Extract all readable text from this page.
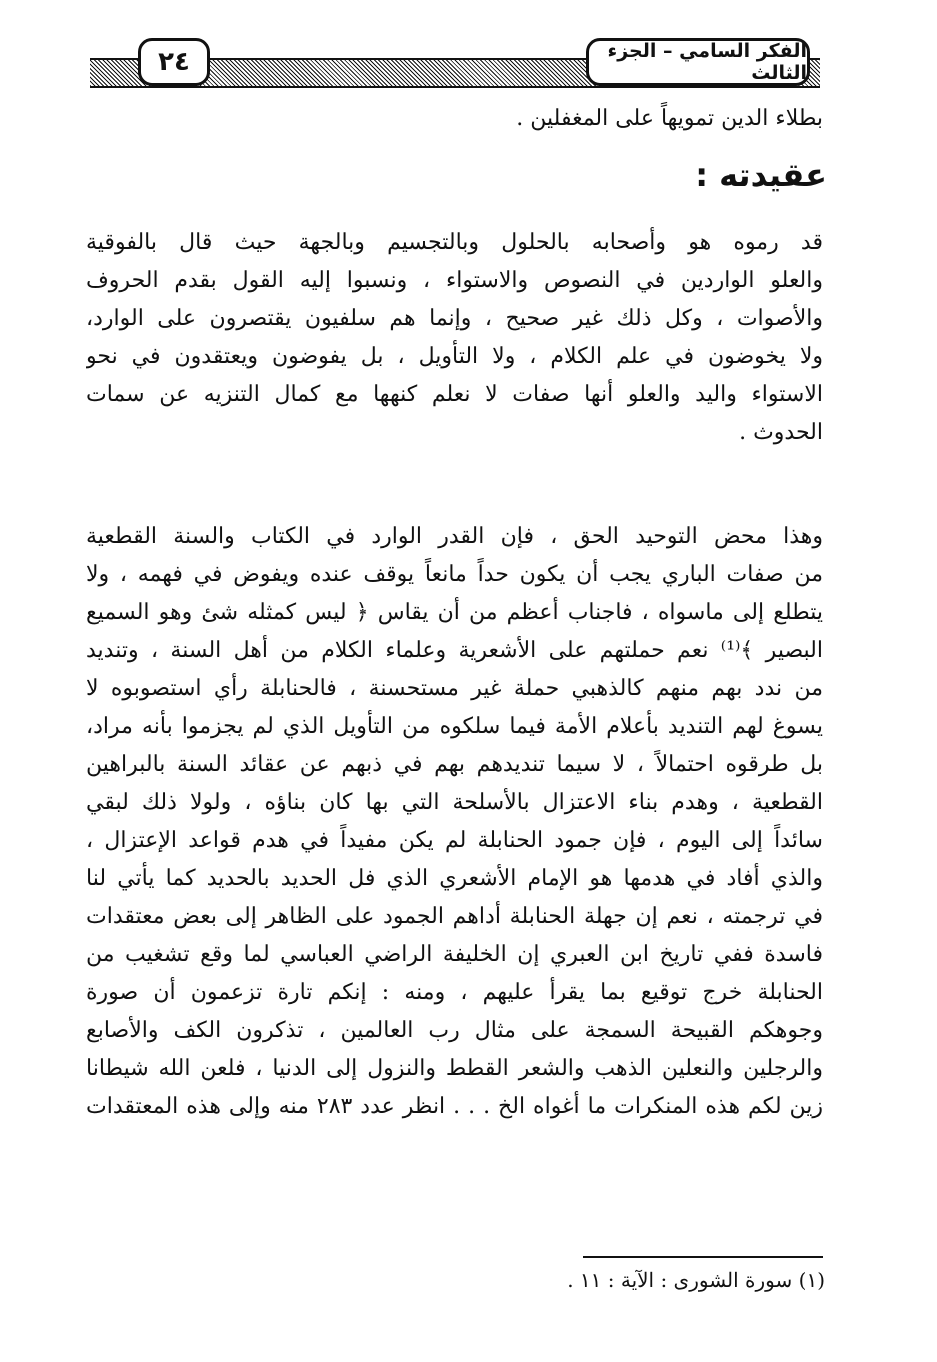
الفكر السامي – الجزء الثالث
٢٤
بطلاء الدين تمويهاً على المغفلين .
عقيدته :
قد رموه هو وأصحابه بالحلول وبالتجسيم وبالجهة حيث قال بالفوقية
والعلو الواردين في النصوص والاستواء ، ونسبوا إليه القول بقدم الحروف
والأصوات ، وكل ذلك غير صحيح ، وإنما هم سلفيون يقتصرون على الوارد،
ولا يخوضون في علم الكلام ، ولا التأويل ، بل يفوضون ويعتقدون في نحو
الاستواء واليد والعلو أنها صفات لا نعلم كنهها مع كمال التنزيه عن سمات
الحدوث .
وهذا محض التوحيد الحق ، فإن القدر الوارد في الكتاب والسنة القطعية
من صفات الباري يجب أن يكون حداً مانعاً يوقف عنده ويفوض في فهمه ، ولا
يتطلع إلى ماسواه ، فاجناب أعظم من أن يقاس ﴿ ليس كمثله شئ وهو السميع
البصير ﴾⁽¹⁾ نعم حملتهم على الأشعرية وعلماء الكلام من أهل السنة ، وتنديد
من ندد بهم منهم كالذهبي حملة غير مستحسنة ، فالحنابلة رأي استصوبوه لا
يسوغ لهم التنديد بأعلام الأمة فيما سلكوه من التأويل الذي لم يجزموا بأنه مراد،
بل طرقوه احتمالاً ، لا سيما تنديدهم بهم في ذبهم عن عقائد السنة بالبراهين
القطعية ، وهدم بناء الاعتزال بالأسلحة التي بها كان بناؤه ، ولولا ذلك لبقي
سائداً إلى اليوم ، فإن جمود الحنابلة لم يكن مفيداً في هدم قواعد الإعتزال ،
والذي أفاد في هدمها هو الإمام الأشعري الذي فل الحديد بالحديد كما يأتي لنا
في ترجمته ، نعم إن جهلة الحنابلة أداهم الجمود على الظاهر إلى بعض معتقدات
فاسدة ففي تاريخ ابن العبري إن الخليفة الراضي العباسي لما وقع تشغيب من
الحنابلة خرج توقيع بما يقرأ عليهم ، ومنه : إنكم تارة تزعمون أن صورة
وجوهكم القبيحة السمجة على مثال رب العالمين ، تذكرون الكف والأصابع
والرجلين والنعلين الذهب والشعر القطط والنزول إلى الدنيا ، فلعن الله شيطانا
زين لكم هذه المنكرات ما أغواه الخ . . . انظر عدد ٢٨٣ منه وإلى هذه المعتقدات
(١) سورة الشورى : الآية : ١١ .
